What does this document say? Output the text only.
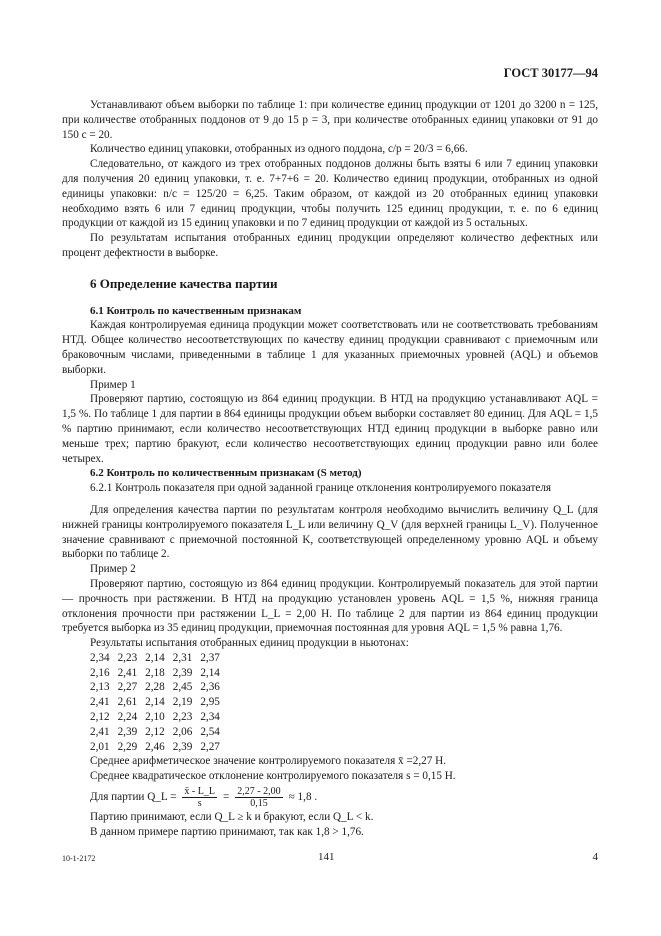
ГОСТ 30177—94

Устанавливают объем выборки по таблице 1: при количестве единиц продукции от 1201 до 3200 n = 125, при количестве отобранных поддонов от 9 до 15 p = 3, при количестве отобранных единиц упаковки от 91 до 150 c = 20.

Количество единиц упаковки, отобранных из одного поддона, c/p = 20/3 = 6,66.

Следовательно, от каждого из трех отобранных поддонов должны быть взяты 6 или 7 единиц упаковки для получения 20 единиц упаковки, т. е. 7+7+6 = 20. Количество единиц продукции, отобранных из одной единицы упаковки: n/c = 125/20 = 6,25. Таким образом, от каждой из 20 отобранных единиц упаковки необходимо взять 6 или 7 единиц продукции, чтобы получить 125 единиц продукции, т. е. по 6 единиц продукции от каждой из 15 единиц упаковки и по 7 единиц продукции от каждой из 5 остальных.

По результатам испытания отобранных единиц продукции определяют количество дефектных или процент дефектности в выборке.

6 Определение качества партии
6.1 Контроль по качественным признакам

Каждая контролируемая единица продукции может соответствовать или не соответствовать требованиям НТД. Общее количество несоответствующих по качеству единиц продукции сравнивают с приемочным или браковочным числами, приведенными в таблице 1 для указанных приемочных уровней (AQL) и объемов выборки.

Пример 1

Проверяют партию, состоящую из 864 единиц продукции. В НТД на продукцию устанавливают AQL = 1,5 %. По таблице 1 для партии в 864 единицы продукции объем выборки составляет 80 единиц. Для AQL = 1,5 % партию принимают, если количество несоответствующих НТД единиц продукции в выборке равно или меньше трех; партию бракуют, если количество несоответствующих единиц продукции равно или более четырех.

6.2 Контроль по количественным признакам (S метод)

6.2.1 Контроль показателя при одной заданной границе отклонения контролируемого показателя

Для определения качества партии по результатам контроля необходимо вычислить величину Q_L (для нижней границы контролируемого показателя L_L или величину Q_V (для верхней границы L_V). Полученное значение сравнивают с приемочной постоянной K, соответствующей определенному уровню AQL и объему выборки по таблице 2.

Пример 2

Проверяют партию, состоящую из 864 единиц продукции. Контролируемый показатель для этой партии — прочность при растяжении. В НТД на продукцию установлен уровень AQL = 1,5 %, нижняя граница отклонения прочности при растяжении L_L = 2,00 Н. По таблице 2 для партии из 864 единиц продукции требуется выборка из 35 единиц продукции, приемочная постоянная для уровня AQL = 1,5 % равна 1,76.

Результаты испытания отобранных единиц продукции в ньютонах:

2,34	2,23	2,14	2,31	2,37
2,16	2,41	2,18	2,39	2,14
2,13	2,27	2,28	2,45	2,36
2,41	2,61	2,14	2,19	2,95
2,12	2,24	2,10	2,23	2,34
2,41	2,39	2,12	2,06	2,54
2,01	2,29	2,46	2,39	2,27

Среднее арифметическое значение контролируемого показателя x̄ =2,27 Н.

Среднее квадратическое отклонение контролируемого показателя s = 0,15 Н.

Для партии Q_L = $\frac{x̄ - L\_L}{s} = \frac{2,27 - 2,00}{0,15} \approx 1,8$ .

Партию принимают, если Q_L ≥ k и бракуют, если Q_L < k.

В данном примере партию принимают, так как 1,8 > 1,76.

10-1-2172	141	4
